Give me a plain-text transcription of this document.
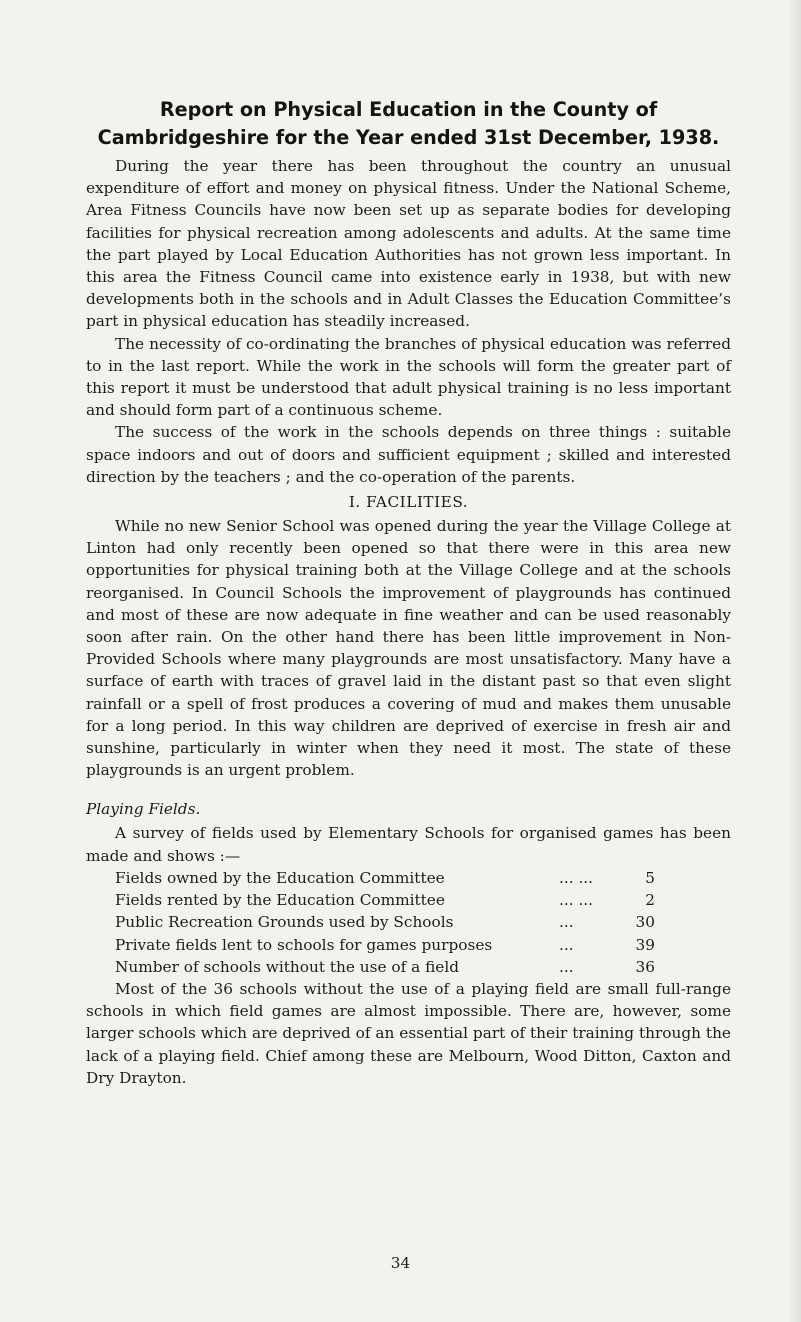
Report on Physical Education in the County of Cambridgeshire for the Year ended 31st December, 1938.

During the year there has been throughout the country an unusual expenditure of effort and money on physical fitness. Under the National Scheme, Area Fitness Councils have now been set up as separate bodies for developing facilities for physical recreation among adolescents and adults. At the same time the part played by Local Education Authorities has not grown less important. In this area the Fitness Council came into existence early in 1938, but with new developments both in the schools and in Adult Classes the Education Committee’s part in physical education has steadily increased.

The necessity of co-ordinating the branches of physical education was referred to in the last report. While the work in the schools will form the greater part of this report it must be understood that adult physical training is no less important and should form part of a continuous scheme.

The success of the work in the schools depends on three things : suitable space indoors and out of doors and sufficient equipment ; skilled and interested direction by the teachers ; and the co-operation of the parents.

I. FACILITIES.

While no new Senior School was opened during the year the Village College at Linton had only recently been opened so that there were in this area new opportunities for physical training both at the Village College and at the schools reorganised. In Council Schools the improvement of playgrounds has continued and most of these are now adequate in fine weather and can be used reasonably soon after rain. On the other hand there has been little improvement in Non-Provided Schools where many playgrounds are most unsatisfactory. Many have a surface of earth with traces of gravel laid in the distant past so that even slight rainfall or a spell of frost produces a covering of mud and makes them unusable for a long period. In this way children are deprived of exercise in fresh air and sunshine, particularly in winter when they need it most. The state of these playgrounds is an urgent problem.

Playing Fields.

A survey of fields used by Elementary Schools for organised games has been made and shows :—

Fields owned by the Education Committee	... ...	5
Fields rented by the Education Committee	... ...	2
Public Recreation Grounds used by Schools	...	30
Private fields lent to schools for games purposes	...	39
Number of schools without the use of a field	...	36

Most of the 36 schools without the use of a playing field are small full-range schools in which field games are almost impossible. There are, however, some larger schools which are deprived of an essential part of their training through the lack of a playing field. Chief among these are Melbourn, Wood Ditton, Caxton and Dry Drayton.

34
